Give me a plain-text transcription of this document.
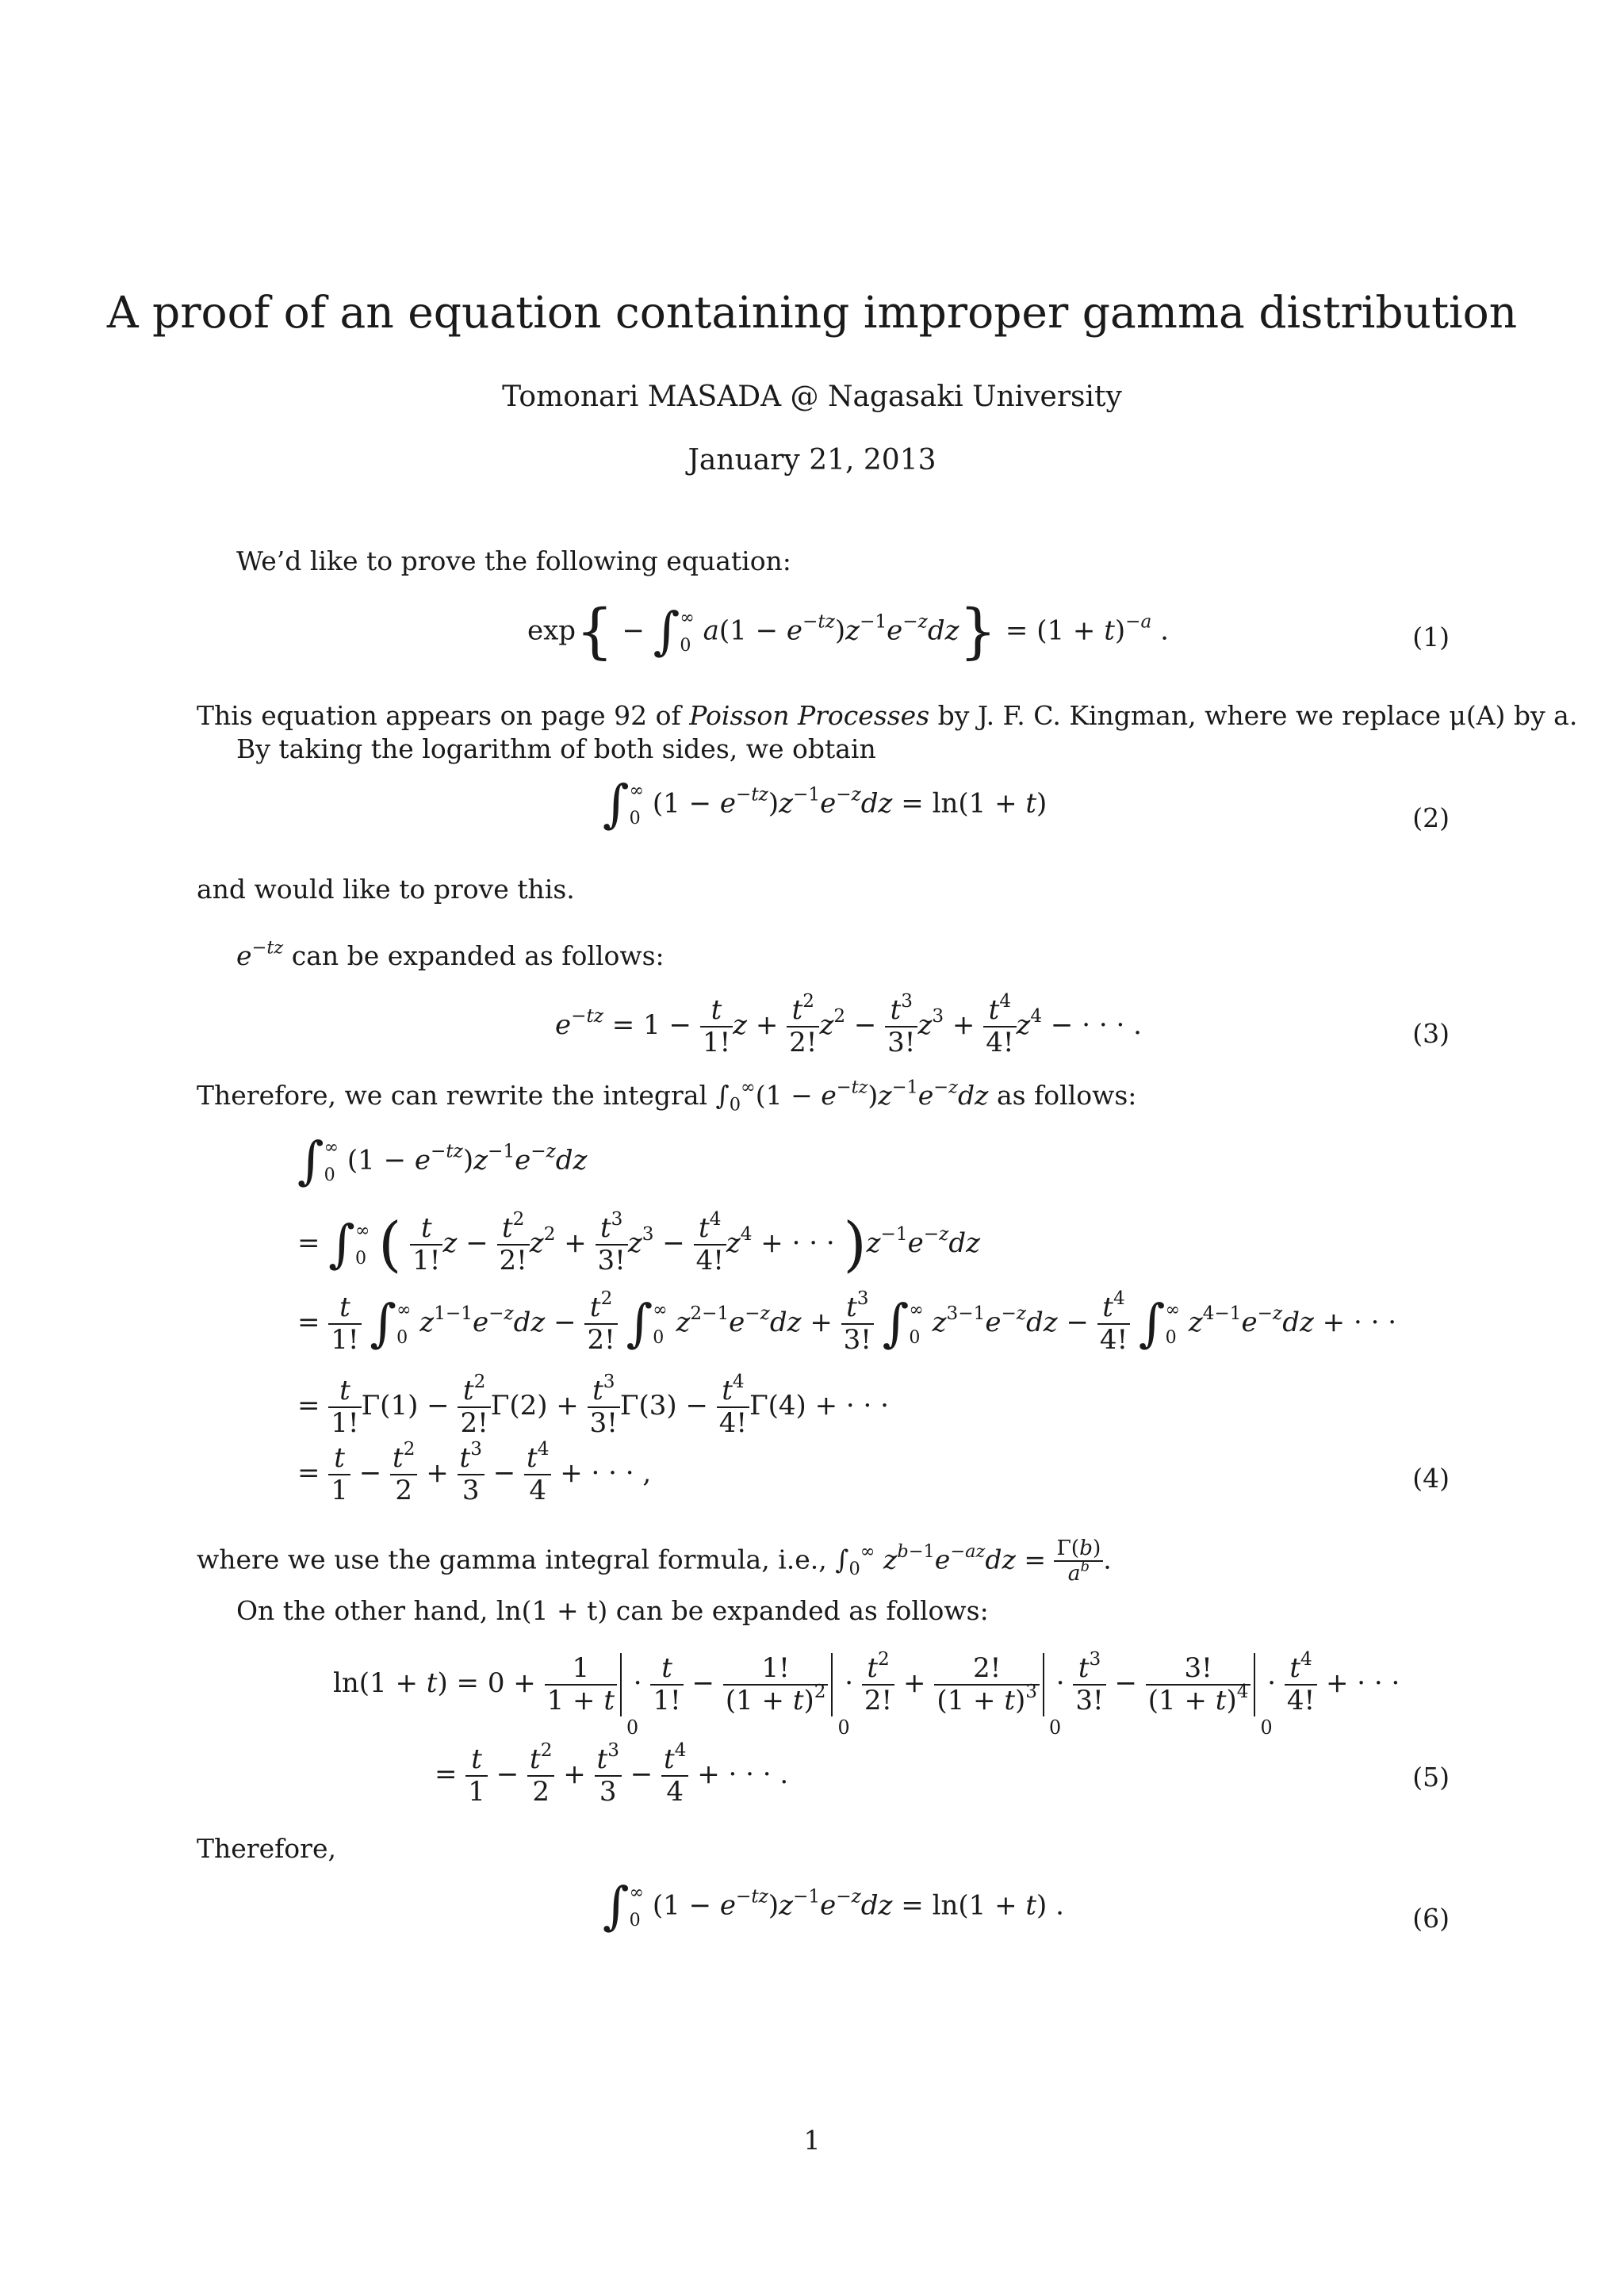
A proof of an equation containing improper gamma distribution
Tomonari MASADA @ Nagasaki University
January 21, 2013
We’d like to prove the following equation:
exp{ − ∫ ∞
0 $a(1 - e^{-tz})z^{-1}e^{-z}dz\} = (1 + t)^{-a}$ .	(1)
This equation appears on page 92 of Poisson Processes by J. F. C. Kingman, where we replace μ(A) by a.
By taking the logarithm of both sides, we obtain
∫ ∞
0 $(1 - e^{-tz})z^{-1}e^{-z}dz = \ln(1 + t)$	(2)
and would like to prove this.
$e^{-tz}$ can be expanded as follows:
$e^{-tz} = 1 - \frac{t}{1!}$ $z + \frac{t^2}{2!} z^2 - \frac{t^3}{3!} z^3 + \frac{t^4}{4!} z^4$ − · · · .	(3)
Therefore, we can rewrite the integral $\int_0^\infty(1 - e^{-tz})z^{-1}e^{-z}dz$ as follows:
∫ ∞
0 $(1 - e^{-tz})z^{-1}e^{-z}dz$
= ∫ ∞
0 ( $\frac{t}{1!}$ $z - \frac{t^2}{2!} z^2 + \frac{t^3}{3!} z^3 - \frac{t^4}{4!} z^4$ + · · · )$z^{-1}e^{-z}dz$
= $\frac{t}{1!}$ ∫ ∞
0 $z^{1-1}e^{-z}dz - \frac{t^2}{2!}$ ∫ ∞
0 $z^{2-1}e^{-z}dz + \frac{t^3}{3!}$ ∫ ∞
0 $z^{3-1}e^{-z}dz - \frac{t^4}{4!}$ ∫ ∞
0 $z^{4-1}e^{-z}dz$ + · · ·
= $\frac{t}{1!} \Gamma(1) - \frac{t^2}{2!} \Gamma(2) + \frac{t^3}{3!} \Gamma(3) - \frac{t^4}{4!} \Gamma(4)$ + · · ·
= $\frac{t}{1} - \frac{t^2}{2} + \frac{t^3}{3} - \frac{t^4}{4}$ + · · · ,	(4)
where we use the gamma integral formula, i.e., $\int_0^\infty$ $z^{b-1}e^{-az}dz = \frac{\Gamma(b)}{a^b}$ .
On the other hand, ln(1 + t) can be expanded as follows:
$\ln(1 + t) = 0 + \frac{1}{1 + t}$
0
· $\frac{t}{1!} - \frac{1!}{(1 + t)^2}$
0
· $\frac{t^2}{2!} + \frac{2!}{(1 + t)^3}$
0
· $\frac{t^3}{3!} - \frac{3!}{(1 + t)^4}$
0
· $\frac{t^4}{4!}$ + · · ·
= $\frac{t}{1} - \frac{t^2}{2} + \frac{t^3}{3} - \frac{t^4}{4}$ + · · · .	(5)
Therefore,
∫ ∞
0 $(1 - e^{-tz})z^{-1}e^{-z}dz = \ln(1 + t)$ .	(6)
1
